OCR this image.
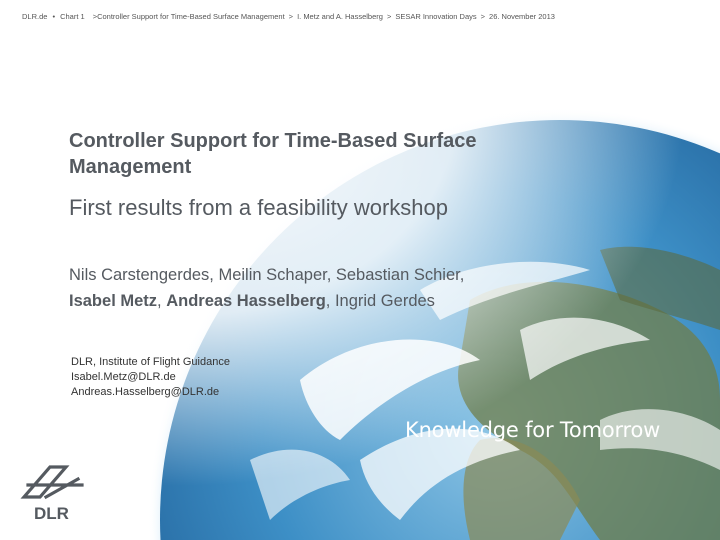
DLR.de • Chart 1 >Controller Support for Time-Based Surface Management > I. Metz and A. Hasselberg > SESAR Innovation Days > 26. November 2013
Controller Support for Time-Based Surface Management
First results from a feasibility workshop
Nils Carstengerdes, Meilin Schaper, Sebastian Schier,
Isabel Metz, Andreas Hasselberg, Ingrid Gerdes
DLR, Institute of Flight Guidance
Isabel.Metz@DLR.de
Andreas.Hasselberg@DLR.de
Knowledge for Tomorrow
DLR
